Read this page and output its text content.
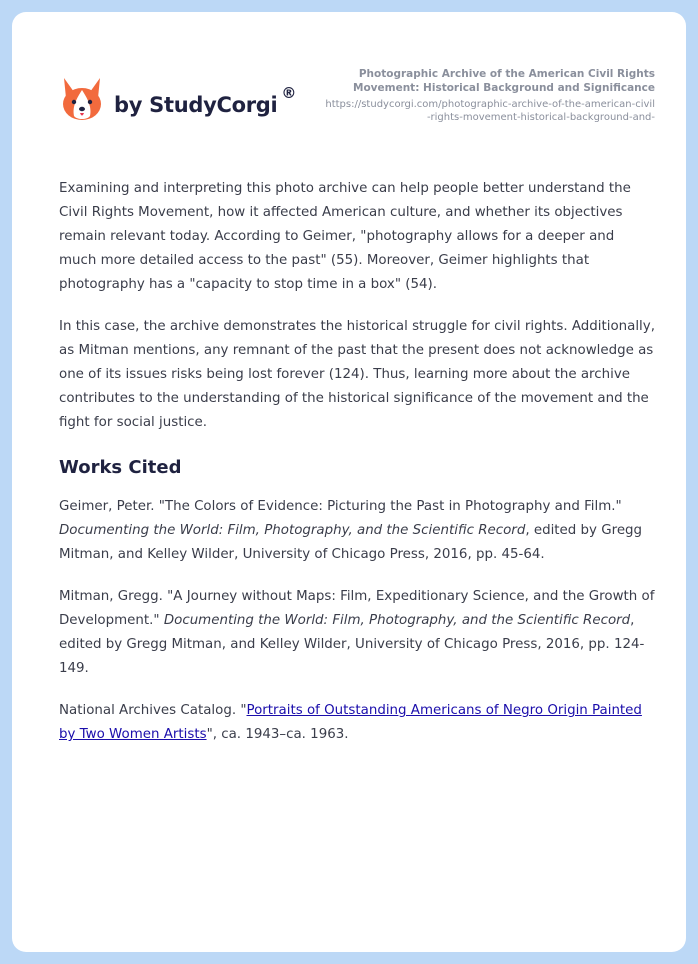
by StudyCorgi ®
Photographic Archive of the American Civil Rights Movement: Historical Background and Significance
https://studycorgi.com/photographic-archive-of-the-american-civil-rights-movement-historical-background-and-

Examining and interpreting this photo archive can help people better understand the Civil Rights Movement, how it affected American culture, and whether its objectives remain relevant today. According to Geimer, "photography allows for a deeper and much more detailed access to the past" (55). Moreover, Geimer highlights that photography has a "capacity to stop time in a box" (54).

In this case, the archive demonstrates the historical struggle for civil rights. Additionally, as Mitman mentions, any remnant of the past that the present does not acknowledge as one of its issues risks being lost forever (124). Thus, learning more about the archive contributes to the understanding of the historical significance of the movement and the fight for social justice.

Works Cited

Geimer, Peter. "The Colors of Evidence: Picturing the Past in Photography and Film." Documenting the World: Film, Photography, and the Scientific Record, edited by Gregg Mitman, and Kelley Wilder, University of Chicago Press, 2016, pp. 45-64.

Mitman, Gregg. "A Journey without Maps: Film, Expeditionary Science, and the Growth of Development." Documenting the World: Film, Photography, and the Scientific Record, edited by Gregg Mitman, and Kelley Wilder, University of Chicago Press, 2016, pp. 124-149.

National Archives Catalog. "Portraits of Outstanding Americans of Negro Origin Painted by Two Women Artists", ca. 1943–ca. 1963.
